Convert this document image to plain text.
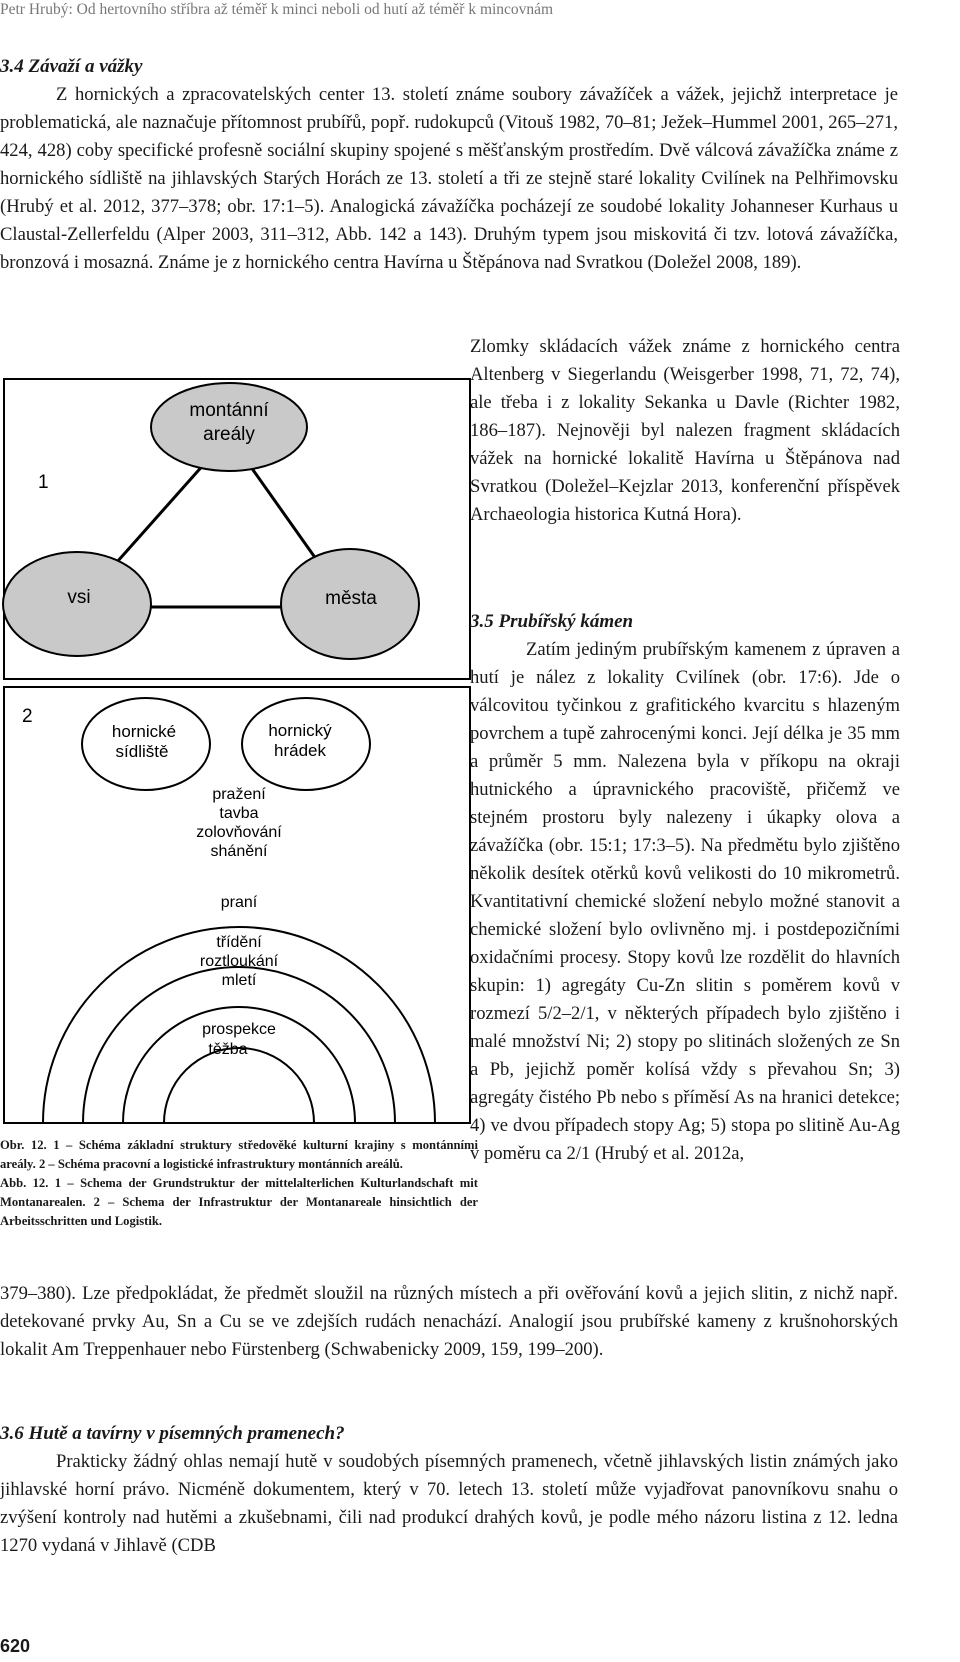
Petr Hrubý: Od hertovního stříbra až téměř k minci neboli od hutí až téměř k mincovnám
3.4 Závaží a vážky

Z hornických a zpracovatelských center 13. století známe soubory závažíček a vážek, jejichž interpretace je problematická, ale naznačuje přítomnost prubířů, popř. rudokupců (Vitouš 1982, 70–81; Ježek–Hummel 2001, 265–271, 424, 428) coby specifické profesně sociální skupiny spojené s měšťanským prostředím. Dvě válcová závažíčka známe z hornického sídliště na jihlavských Starých Horách ze 13. století a tři ze stejně staré lokality Cvilínek na Pelhřimovsku (Hrubý et al. 2012, 377–378; obr. 17:1–5). Analogická závažíčka pocházejí ze soudobé lokality Johanneser Kurhaus u Claustal-Zellerfeldu (Alper 2003, 311–312, Abb. 142 a 143). Druhým typem jsou miskovitá či tzv. lotová závažíčka, bronzová i mosazná. Známe je z hornického centra Havírna u Štěpánova nad Svratkou (Doležel 2008, 189).

Zlomky skládacích vážek známe z hornického centra Altenberg v Siegerlandu (Weisgerber 1998, 71, 72, 74), ale třeba i z lokality Sekanka u Davle (Richter 1982, 186–187). Nejnověji byl nalezen fragment skládacích vážek na hornické lokalitě Havírna u Štěpánova nad Svratkou (Doležel–Kejzlar 2013, konferenční příspěvek Archaeologia historica Kutná Hora).

1
montánní
areály
vsi	města
2
hornické
sídliště
hornický
hrádek
pražení
tavba
zolovňování
shánění
praní
třídění
roztloukání
mletí
prospekce
těžba

Obr. 12. 1 – Schéma základní struktury středověké kulturní krajiny s montánními areály. 2 – Schéma pracovní a logistické infrastruktury montánních areálů.

Abb. 12. 1 – Schema der Grundstruktur der mittelalterlichen Kulturlandschaft mit Montanarealen. 2 – Schema der Infrastruktur der Montanareale hinsichtlich der Arbeitsschritten und Logistik.

3.5 Prubířský kámen

Zatím jediným prubířským kamenem z úpraven a hutí je nález z lokality Cvilínek (obr. 17:6). Jde o válcovitou tyčinkou z grafitického kvarcitu s hlazeným povrchem a tupě zahrocenými konci. Její délka je 35 mm a průměr 5 mm. Nalezena byla v příkopu na okraji hutnického a úpravnického pracoviště, přičemž ve stejném prostoru byly nalezeny i úkapky olova a závažíčka (obr. 15:1; 17:3–5). Na předmětu bylo zjištěno několik desítek otěrků kovů velikosti do 10 mikrometrů. Kvantitativní chemické složení nebylo možné stanovit a chemické složení bylo ovlivněno mj. i postdepozičními oxidačními procesy. Stopy kovů lze rozdělit do hlavních skupin: 1) agregáty Cu-Zn slitin s poměrem kovů v rozmezí 5/2–2/1, v některých případech bylo zjištěno i malé množství Ni; 2) stopy po slitinách složených ze Sn a Pb, jejichž poměr kolísá vždy s převahou Sn; 3) agregáty čistého Pb nebo s příměsí As na hranici detekce; 4) ve dvou případech stopy Ag; 5) stopa po slitině Au-Ag v poměru ca 2/1 (Hrubý et al. 2012a,

379–380). Lze předpokládat, že předmět sloužil na různých místech a při ověřování kovů a jejich slitin, z nichž např. detekované prvky Au, Sn a Cu se ve zdejších rudách nenachází. Analogií jsou prubířské kameny z krušnohorských lokalit Am Treppenhauer nebo Fürstenberg (Schwabenicky 2009, 159, 199–200).

3.6 Hutě a tavírny v písemných pramenech?

Prakticky žádný ohlas nemají hutě v soudobých písemných pramenech, včetně jihlavských listin známých jako jihlavské horní právo. Nicméně dokumentem, který v 70. letech 13. století může vyjadřovat panovníkovu snahu o zvýšení kontroly nad hutěmi a zkušebnami, čili nad produkcí drahých kovů, je podle mého názoru listina z 12. ledna 1270 vydaná v Jihlavě (CDB

620
